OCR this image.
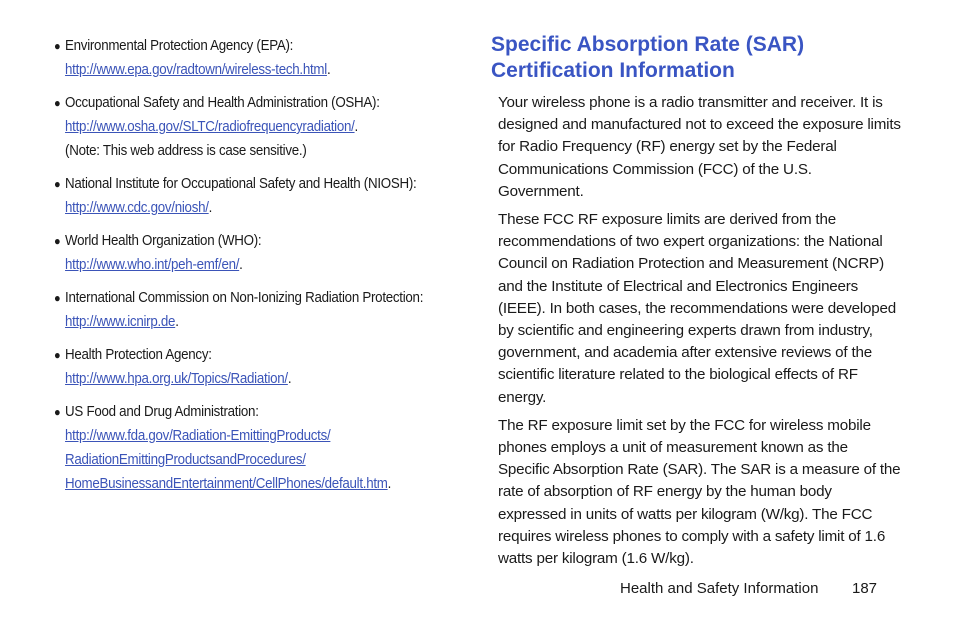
● Environmental Protection Agency (EPA):
http://www.epa.gov/radtown/wireless-tech.html.
● Occupational Safety and Health Administration (OSHA):
http://www.osha.gov/SLTC/radiofrequencyradiation/.
(Note: This web address is case sensitive.)
● National Institute for Occupational Safety and Health (NIOSH):
http://www.cdc.gov/niosh/.
● World Health Organization (WHO):
http://www.who.int/peh-emf/en/.
● International Commission on Non-Ionizing Radiation Protection:
http://www.icnirp.de.
● Health Protection Agency:
http://www.hpa.org.uk/Topics/Radiation/.
● US Food and Drug Administration:
http://www.fda.gov/Radiation-EmittingProducts/
RadiationEmittingProductsandProcedures/
HomeBusinessandEntertainment/CellPhones/default.htm.
Specific Absorption Rate (SAR)
Certification Information

Your wireless phone is a radio transmitter and receiver. It is designed and manufactured not to exceed the exposure limits for Radio Frequency (RF) energy set by the Federal Communications Commission (FCC) of the U.S. Government.

These FCC RF exposure limits are derived from the recommendations of two expert organizations: the National Council on Radiation Protection and Measurement (NCRP) and the Institute of Electrical and Electronics Engineers (IEEE). In both cases, the recommendations were developed by scientific and engineering experts drawn from industry, government, and academia after extensive reviews of the scientific literature related to the biological effects of RF energy.

The RF exposure limit set by the FCC for wireless mobile phones employs a unit of measurement known as the Specific Absorption Rate (SAR). The SAR is a measure of the rate of absorption of RF energy by the human body expressed in units of watts per kilogram (W/kg). The FCC requires wireless phones to comply with a safety limit of 1.6 watts per kilogram (1.6 W/kg).

Health and Safety Information 187
